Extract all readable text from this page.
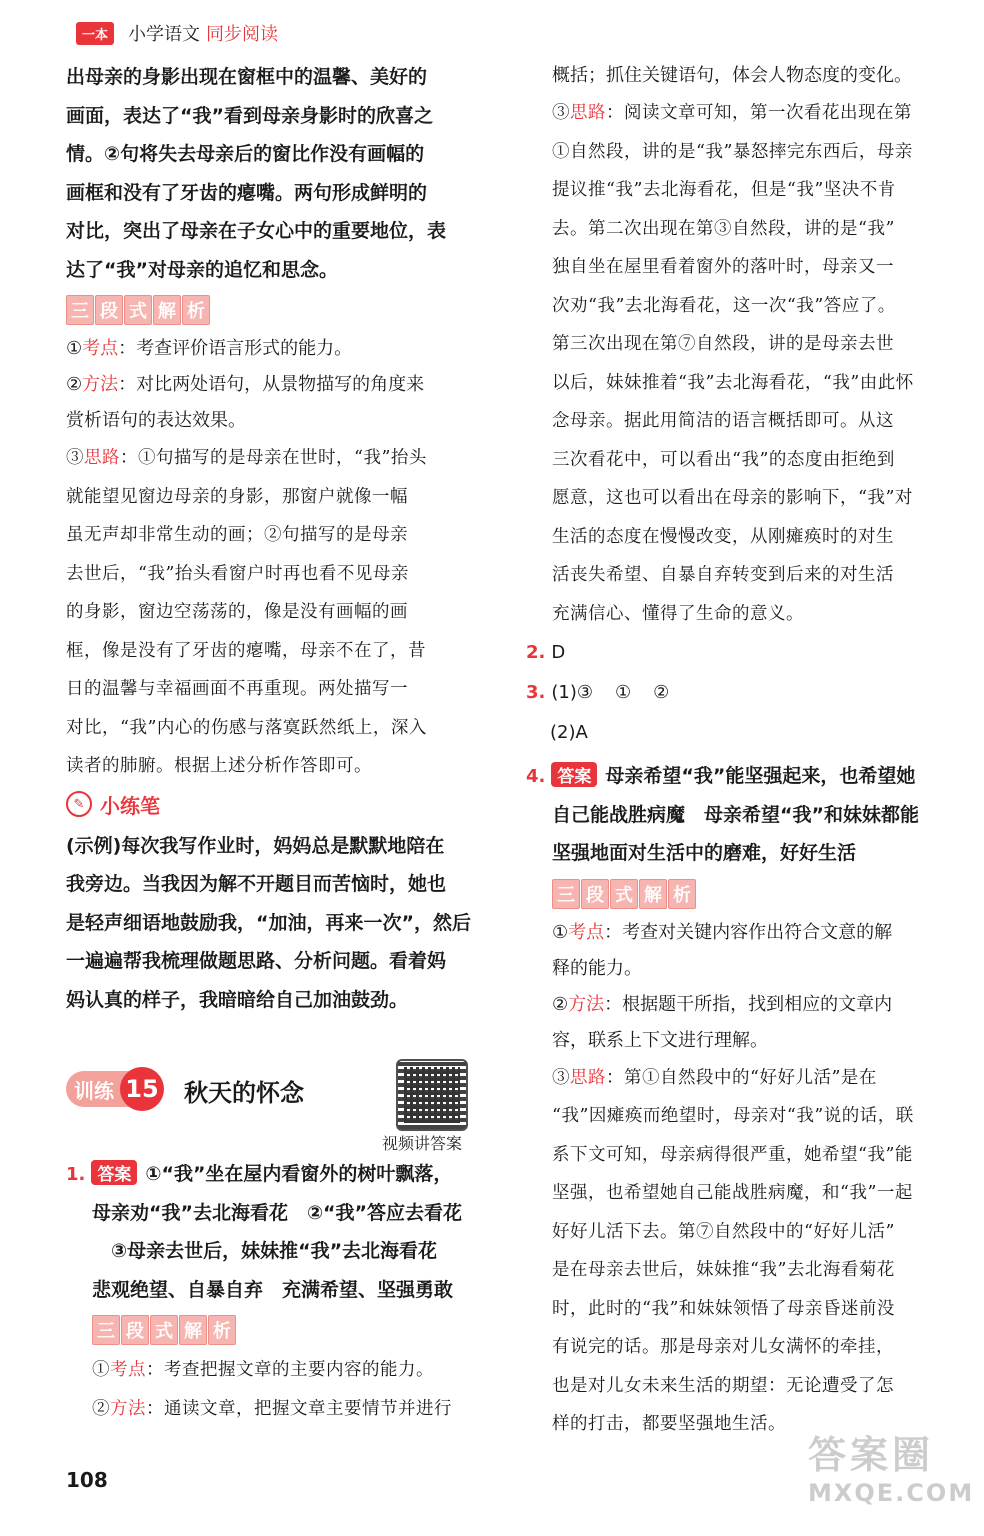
一本	小学语文 同步阅读

出母亲的身影出现在窗框中的温馨、美好的

画面，表达了“我”看到母亲身影时的欣喜之

情。②句将失去母亲后的窗比作没有画幅的

画框和没有了牙齿的瘪嘴。两句形成鲜明的

对比，突出了母亲在子女心中的重要地位，表

达了“我”对母亲的追忆和思念。

三 段 式 解 析

①考点：考查评价语言形式的能力。

②方法：对比两处语句，从景物描写的角度来

赏析语句的表达效果。

③思路：①句描写的是母亲在世时，“我”抬头

就能望见窗边母亲的身影，那窗户就像一幅

虽无声却非常生动的画；②句描写的是母亲

去世后，“我”抬头看窗户时再也看不见母亲

的身影，窗边空荡荡的，像是没有画幅的画

框，像是没有了牙齿的瘪嘴，母亲不在了，昔

日的温馨与幸福画面不再重现。两处描写一

对比，“我”内心的伤感与落寞跃然纸上，深入

读者的肺腑。根据上述分析作答即可。

✎ 小练笔

(示例)每次我写作业时，妈妈总是默默地陪在

我旁边。当我因为解不开题目而苦恼时，她也

是轻声细语地鼓励我，“加油，再来一次”，然后

一遍遍帮我梳理做题思路、分析问题。看着妈

妈认真的样子，我暗暗给自己加油鼓劲。

训练 15 秋天的怀念
视频讲答案
1. 答案 ①“我”坐在屋内看窗外的树叶飘落，

母亲劝“我”去北海看花　②“我”答应去看花

　③母亲去世后，妹妹推“我”去北海看花

悲观绝望、自暴自弃　充满希望、坚强勇敢

三 段 式 解 析

①考点：考查把握文章的主要内容的能力。

②方法：通读文章，把握文章主要情节并进行

概括；抓住关键语句，体会人物态度的变化。

③思路：阅读文章可知，第一次看花出现在第

①自然段，讲的是“我”暴怒摔完东西后，母亲

提议推“我”去北海看花，但是“我”坚决不肯

去。第二次出现在第③自然段，讲的是“我”

独自坐在屋里看着窗外的落叶时，母亲又一

次劝“我”去北海看花，这一次“我”答应了。

第三次出现在第⑦自然段，讲的是母亲去世

以后，妹妹推着“我”去北海看花，“我”由此怀

念母亲。据此用简洁的语言概括即可。从这

三次看花中，可以看出“我”的态度由拒绝到

愿意，这也可以看出在母亲的影响下，“我”对

生活的态度在慢慢改变，从刚瘫痪时的对生

活丧失希望、自暴自弃转变到后来的对生活

充满信心、懂得了生命的意义。

2. D
3. (1)③ ① ②

(2)A

4. 答案 母亲希望“我”能坚强起来，也希望她

自己能战胜病魔　母亲希望“我”和妹妹都能

坚强地面对生活中的磨难，好好生活

三 段 式 解 析

①考点：考查对关键内容作出符合文意的解

释的能力。

②方法：根据题干所指，找到相应的文章内

容，联系上下文进行理解。

③思路：第①自然段中的“好好儿活”是在

“我”因瘫痪而绝望时，母亲对“我”说的话，联

系下文可知，母亲病得很严重，她希望“我”能

坚强，也希望她自己能战胜病魔，和“我”一起

好好儿活下去。第⑦自然段中的“好好儿活”

是在母亲去世后，妹妹推“我”去北海看菊花

时，此时的“我”和妹妹领悟了母亲昏迷前没

有说完的话。那是母亲对儿女满怀的牵挂，

也是对儿女未来生活的期望：无论遭受了怎

样的打击，都要坚强地生活。

108
答案圈
MXQE.COM
